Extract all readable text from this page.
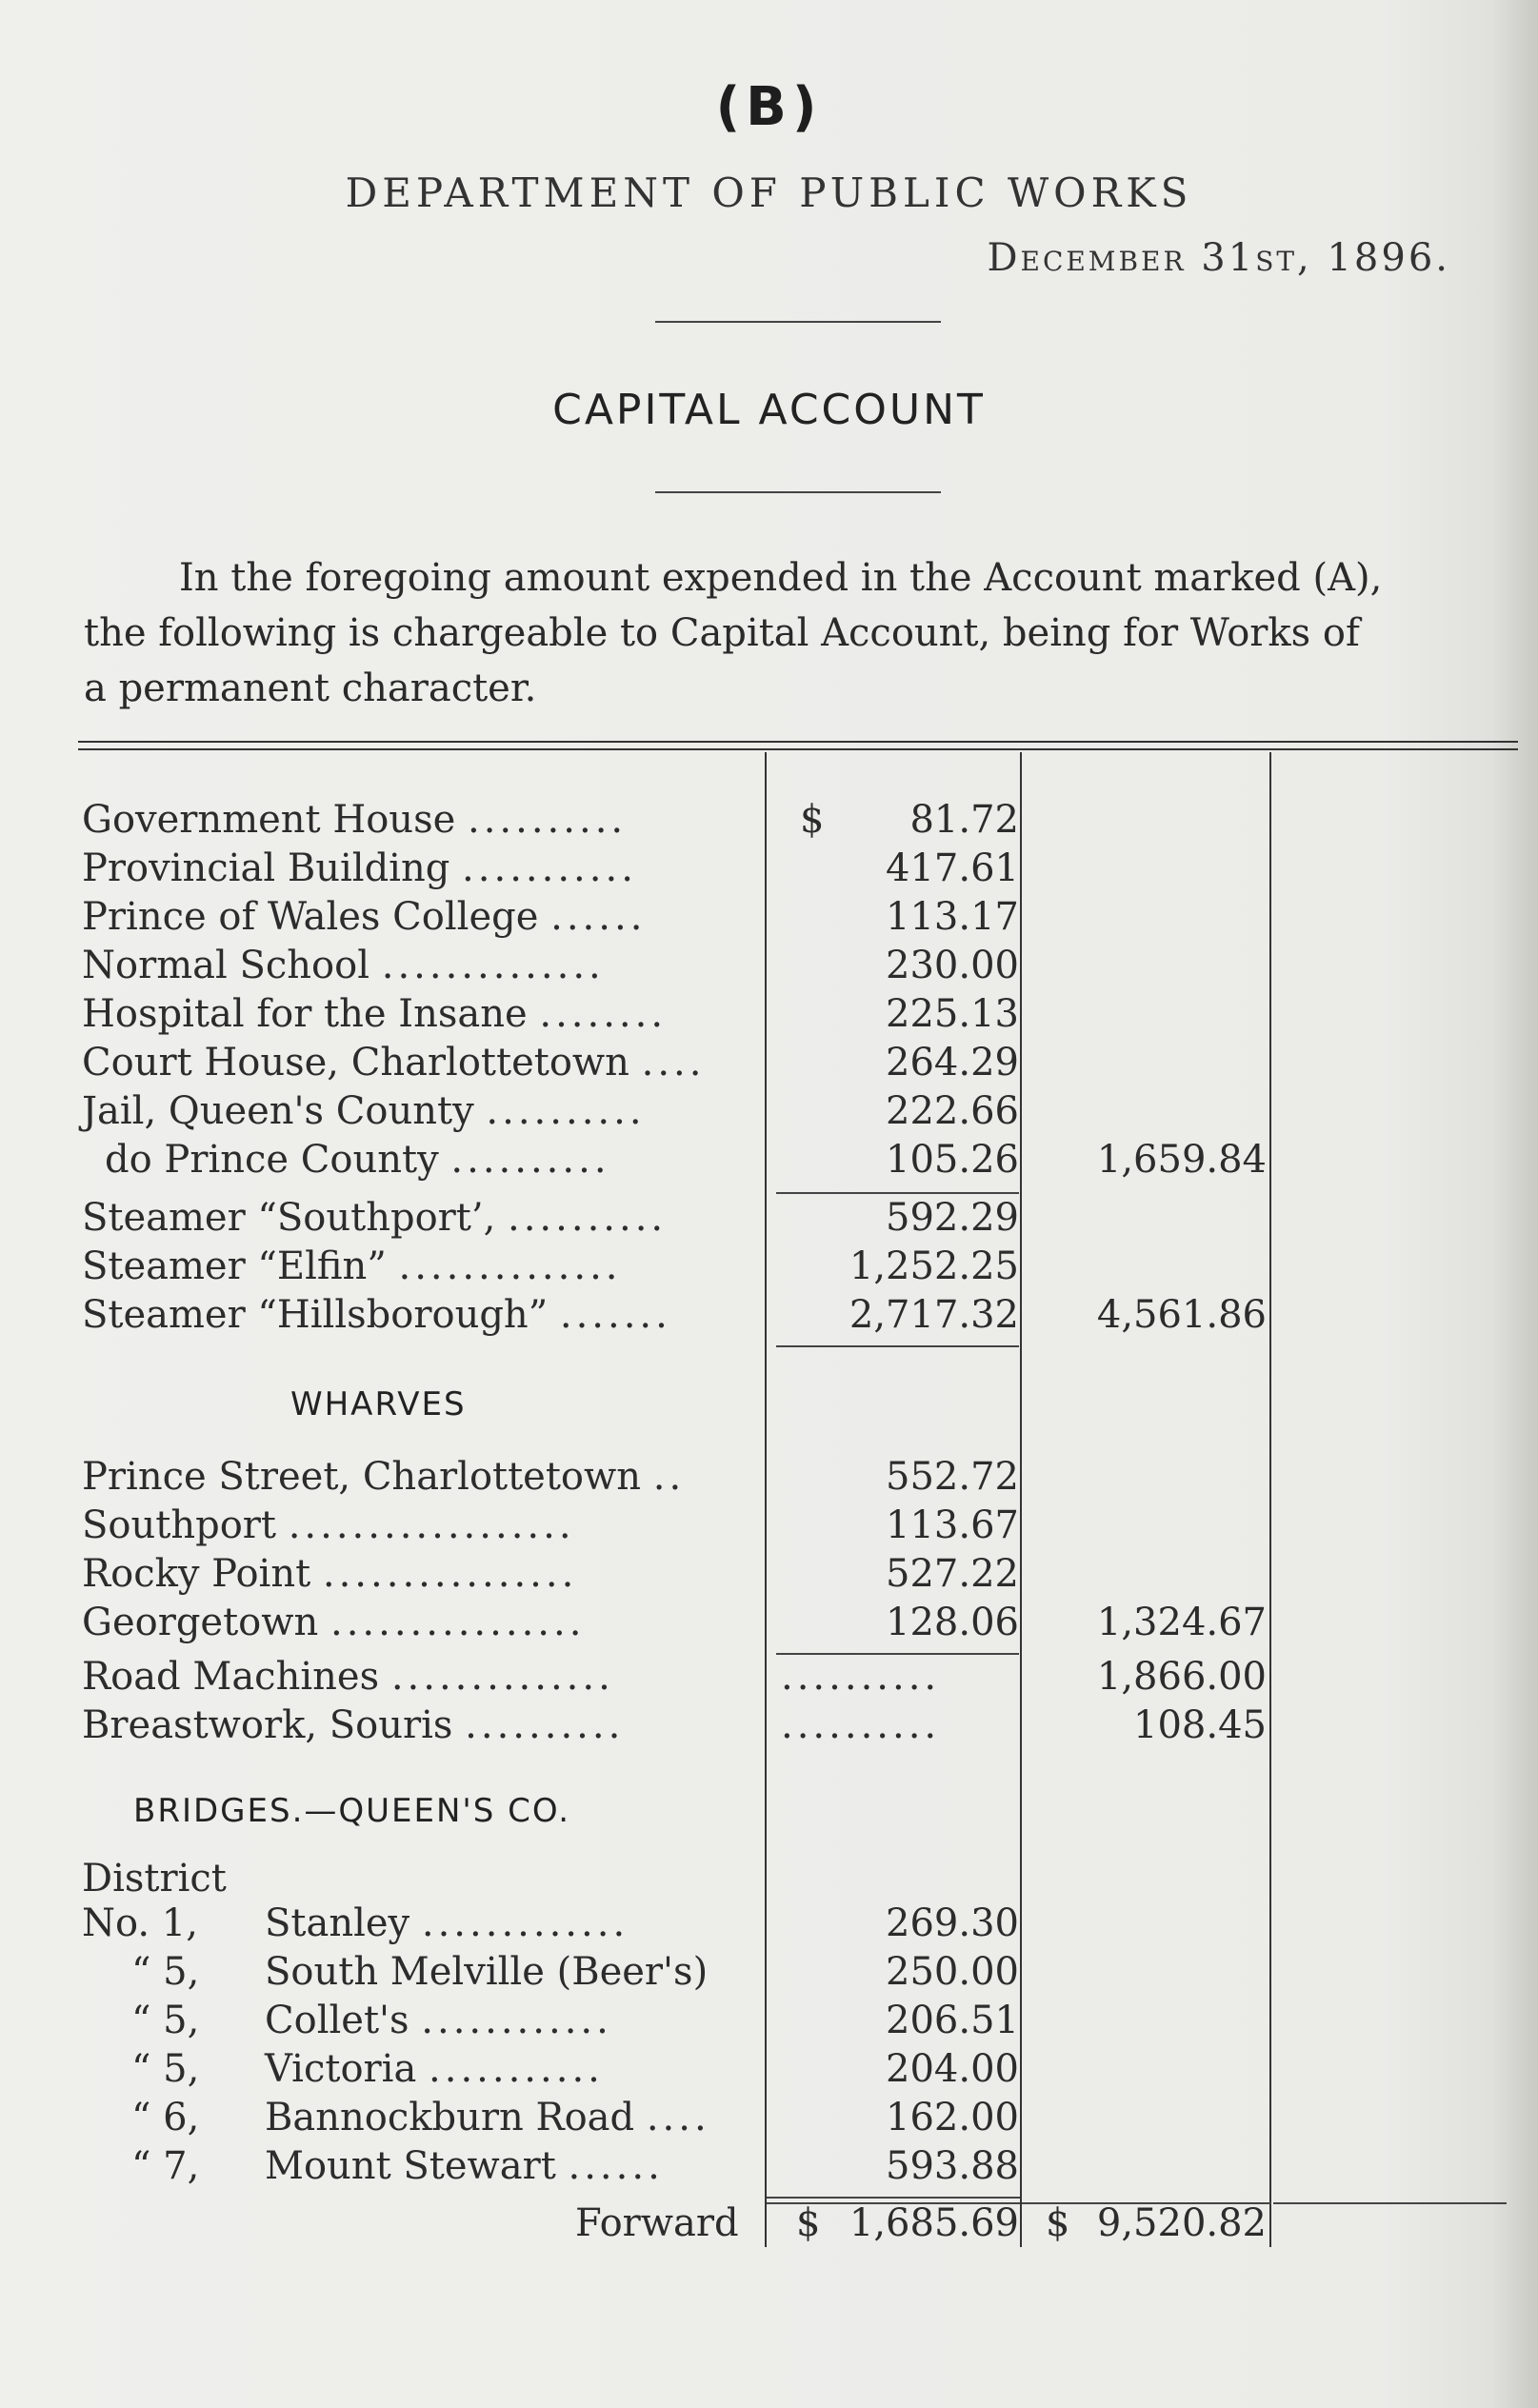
(B)
DEPARTMENT OF PUBLIC WORKS
December 31st, 1896.
CAPITAL ACCOUNT
In the foregoing amount expended in the Account marked (A),
the following is chargeable to Capital Account, being for Works of
a permanent character.
Government House ..........	$ 81.72
Provincial Building ...........	417.61
Prince of Wales College ......	113.17
Normal School ..............	230.00
Hospital for the Insane ........	225.13
Court House, Charlottetown ....	264.29
Jail, Queen's County ..........	222.66
do Prince County ..........	105.26 1,659.84
Steamer “Southport’, ..........	592.29
Steamer “Elfin” ..............	1,252.25
Steamer “Hillsborough” .......	2,717.32 4,561.86
WHARVES
Prince Street, Charlottetown ..	552.72
Southport ..................	113.67
Rocky Point ................	527.22
Georgetown ................	128.06 1,324.67
Road Machines ..............	..........	1,866.00
Breastwork, Souris ..........	..........	108.45
BRIDGES.—QUEEN'S CO.
District
No. 1, Stanley .............	269.30
“ 5, South Melville (Beer's)	250.00
“ 5, Collet's ............	206.51
“ 5, Victoria ...........	204.00
“ 6, Bannockburn Road ....	162.00
“ 7, Mount Stewart ......	593.88
Forward $ 1,685.69 $ 9,520.82
